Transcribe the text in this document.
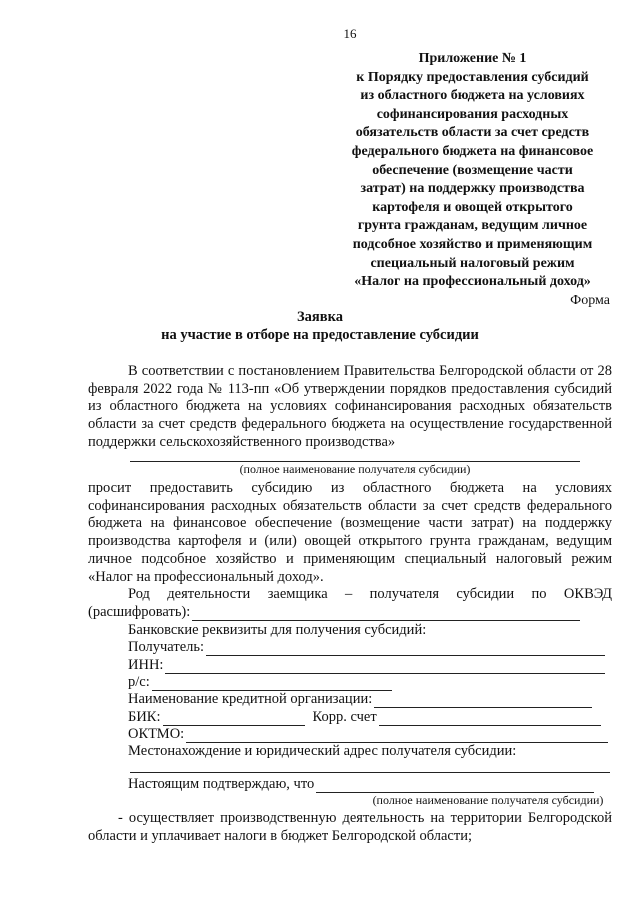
16
Приложение № 1
к Порядку предоставления субсидий
из областного бюджета на условиях
софинансирования расходных
обязательств области за счет средств
федерального бюджета на финансовое
обеспечение (возмещение части
затрат) на поддержку производства
картофеля и овощей открытого
грунта гражданам, ведущим личное
подсобное хозяйство и применяющим
специальный налоговый режим
«Налог на профессиональный доход»
Форма
Заявка
на участие в отборе на предоставление субсидии
В соответствии с постановлением Правительства Белгородской области от 28 февраля 2022 года № 113-пп «Об утверждении порядков предоставления субсидий из областного бюджета на условиях софинансирования расходных обязательств области за счет средств федерального бюджета на осуществление государственной поддержки сельскохозяйственного производства»
(полное наименование получателя субсидии)
просит предоставить субсидию из областного бюджета на условиях софинансирования расходных обязательств области за счет средств федерального бюджета на финансовое обеспечение (возмещение части затрат) на поддержку производства картофеля и (или) овощей открытого грунта гражданам, ведущим личное подсобное хозяйство и применяющим специальный налоговый режим «Налог на профессиональный доход».
Род деятельности заемщика – получателя субсидии по ОКВЭД
(расшифровать):
Банковские реквизиты для получения субсидий:
Получатель:
ИНН:
р/с:
Наименование кредитной организации:
БИК:	Корр. счет
ОКТМО:
Местонахождение и юридический адрес получателя субсидии:
Настоящим подтверждаю, что
(полное наименование получателя субсидии)
- осуществляет производственную деятельность на территории Белгородской области и уплачивает налоги в бюджет Белгородской области;
